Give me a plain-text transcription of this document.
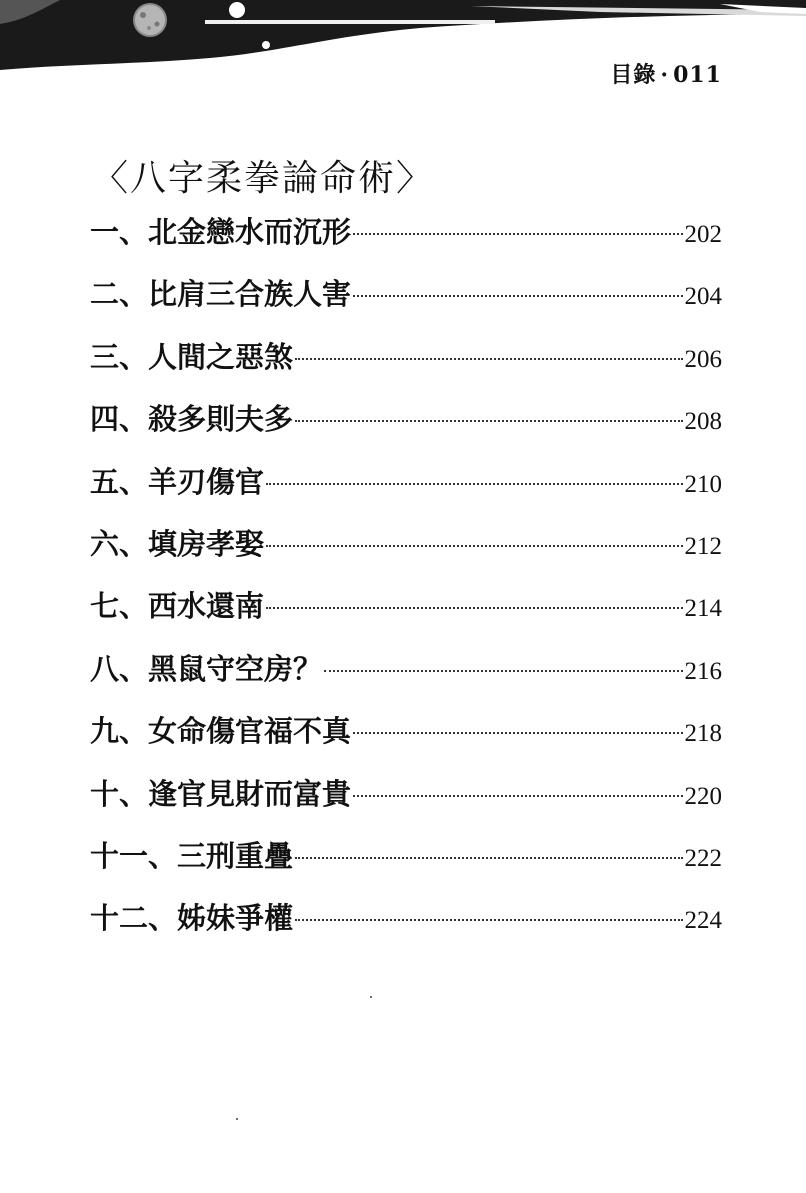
目錄 · 011
〈八字柔拳論命術〉
一、北金戀水而沉形	202
二、比肩三合族人害	204
三、人間之惡煞	206
四、殺多則夫多	208
五、羊刃傷官	210
六、填房孝娶	212
七、西水還南	214
八、黑鼠守空房？	216
九、女命傷官福不真	218
十、逢官見財而富貴	220
十一、三刑重疊	222
十二、姊妹爭權	224
